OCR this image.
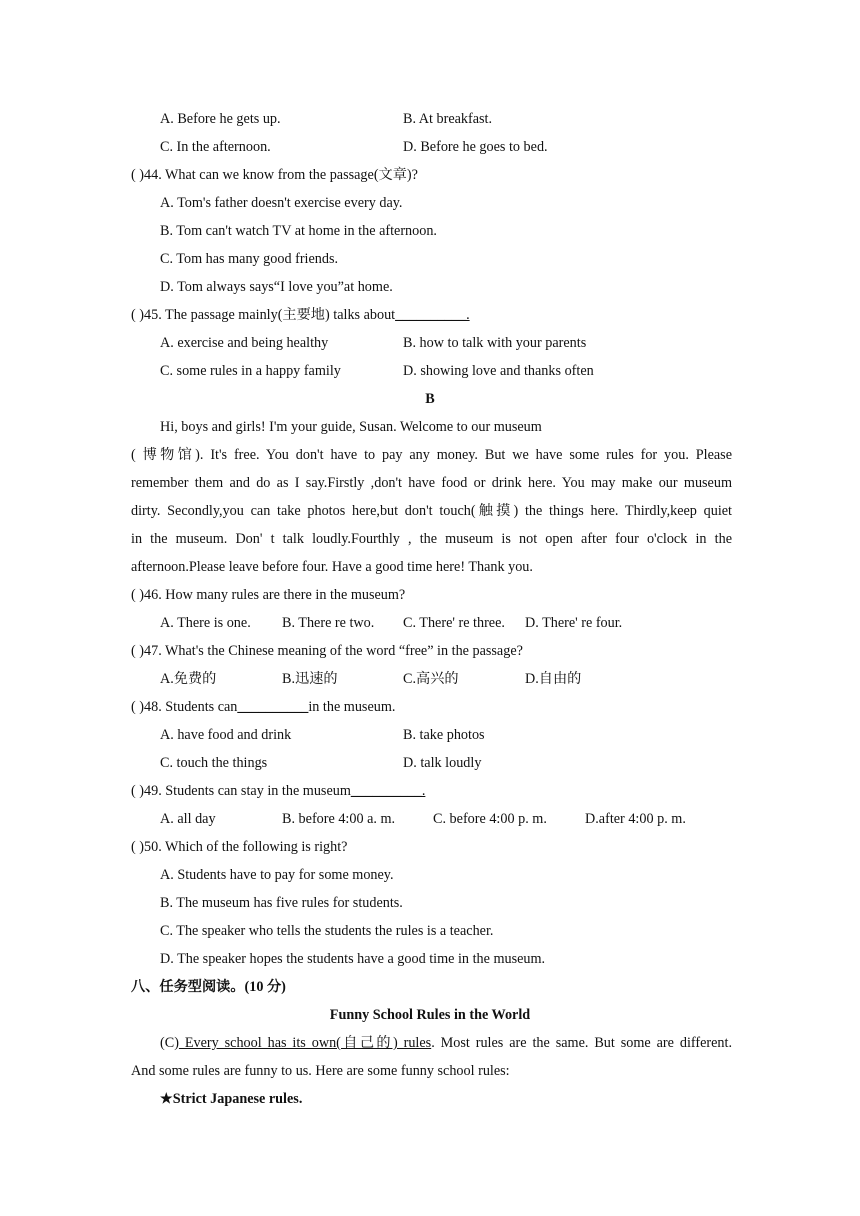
A. Before he gets up.	B. At breakfast.
C. In the afternoon.	D. Before he goes to bed.
( )44. What can we know from the passage(文章)?
A. Tom's father doesn't exercise every day.
B. Tom can't watch TV at home in the afternoon.
C. Tom has many good friends.
D. Tom always says“I love you”at home.
( )45. The passage mainly(主要地) talks about__________.
A. exercise and being healthy	B. how to talk with your parents
C. some rules in a happy family	D. showing love and thanks often
B
Hi, boys and girls! I'm your guide, Susan. Welcome to our museum
( 博物馆). It's free. You don't have to pay any money. But we have some rules for you. Please
remember them and do as I say.Firstly ,don't have food or drink here. You may make our museum
dirty. Secondly,you can take photos here,but don't touch(触摸) the things here. Thirdly,keep quiet
in the museum. Don' t talk loudly.Fourthly , the museum is not open after four o'clock in the
afternoon.Please leave before four. Have a good time here! Thank you.
( )46. How many rules are there in the museum?
A. There is one. B. There re two. C. There' re three. D. There' re four.
( )47. What's the Chinese meaning of the word “free” in the passage?
A.免费的	B.迅速的	C.高兴的	D.自由的
( )48. Students can__________in the museum.
A. have food and drink	B. take photos
C. touch the things	D. talk loudly
( )49. Students can stay in the museum__________.
A. all day	B. before 4:00 a. m.	C. before 4:00 p. m.	D.after 4:00 p. m.
( )50. Which of the following is right?
A. Students have to pay for some money.
B. The museum has five rules for students.
C. The speaker who tells the students the rules is a teacher.
D. The speaker hopes the students have a good time in the museum.
八、任务型阅读。(10 分)
Funny School Rules in the World
(C) Every school has its own(自己的) rules. Most rules are the same. But some are different.
And some rules are funny to us. Here are some funny school rules:
★Strict Japanese rules.
